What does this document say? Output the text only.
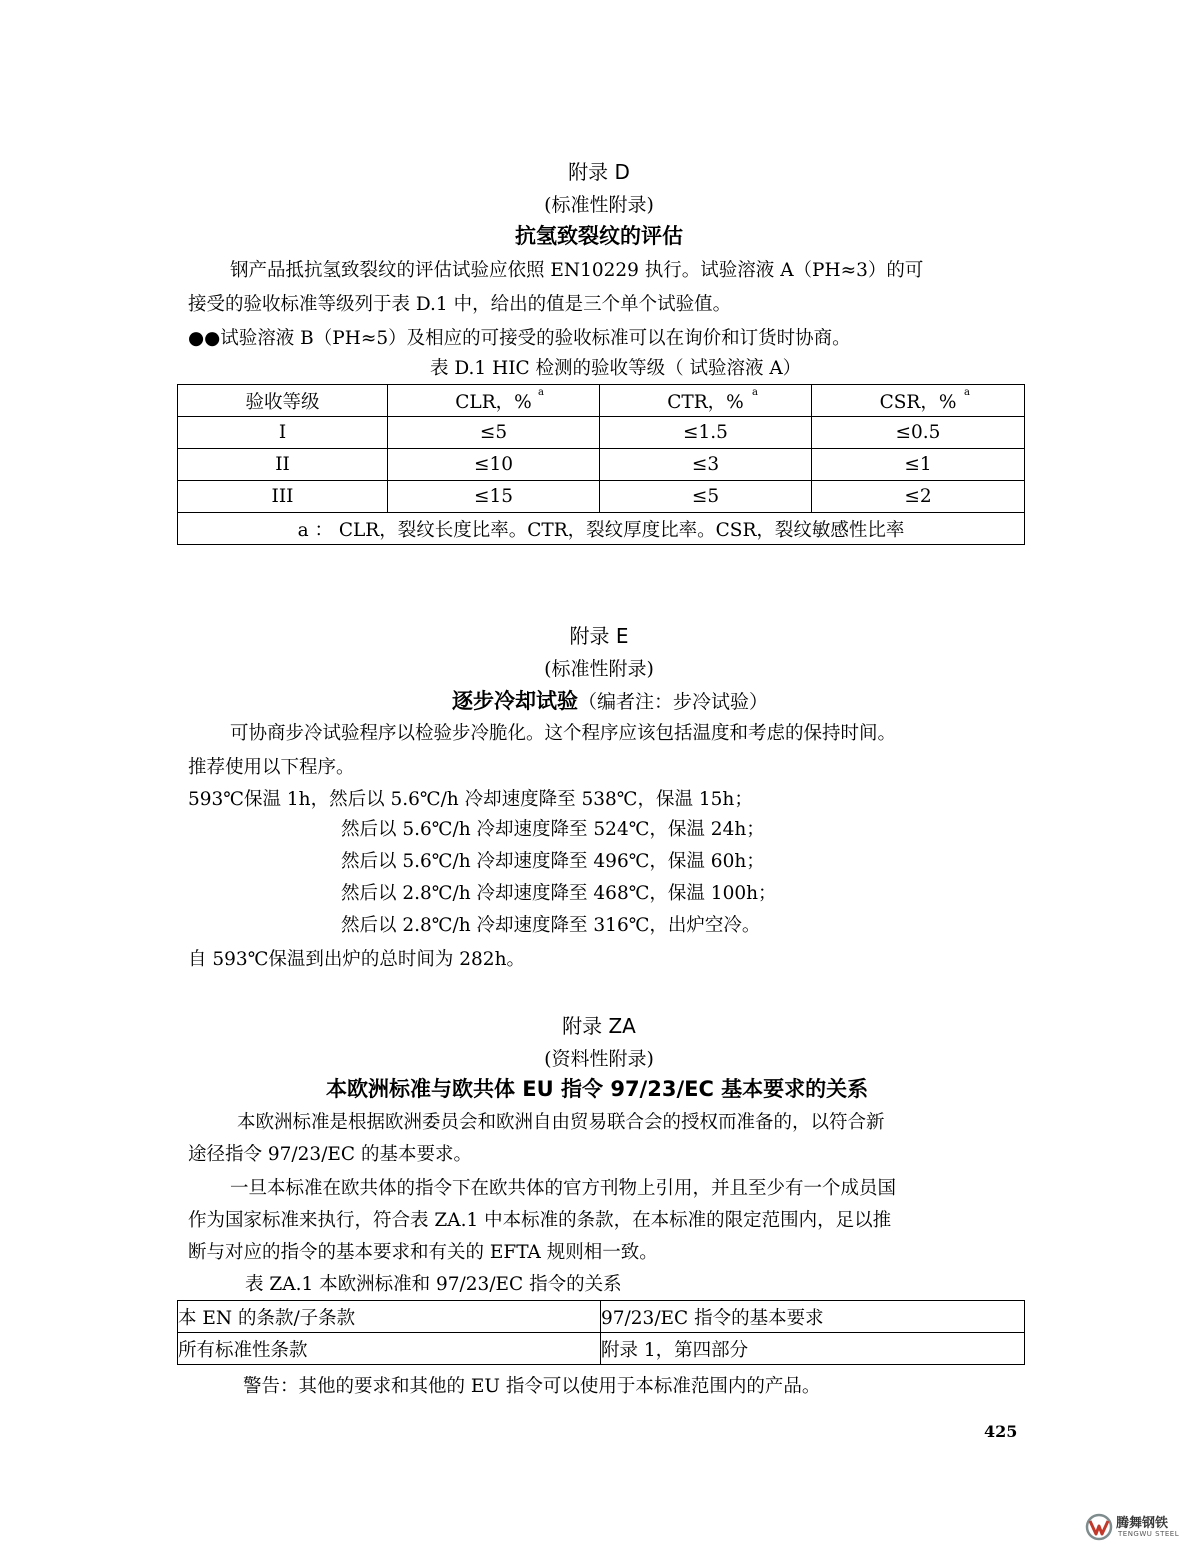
附录 D
(标准性附录)
抗氢致裂纹的评估
钢产品抵抗氢致裂纹的评估试验应依照 EN10229 执行。试验溶液 A（PH≈3）的可
接受的验收标准等级列于表 D.1 中，给出的值是三个单个试验值。
●●试验溶液 B（PH≈5）及相应的可接受的验收标准可以在询价和订货时协商。
表 D.1 HIC 检测的验收等级（ 试验溶液 A）
验收等级	CLR，% a	CTR，% a	CSR，% a

I	≤5	≤1.5	≤0.5
II	≤10	≤3	≤1
III	≤15	≤5	≤2
a ： CLR，裂纹长度比率。CTR，裂纹厚度比率。CSR，裂纹敏感性比率			
附录 E
(标准性附录)
逐步冷却试验（编者注：步冷试验）
可协商步冷试验程序以检验步冷脆化。这个程序应该包括温度和考虑的保持时间。
推荐使用以下程序。
593℃保温 1h，然后以 5.6℃/h 冷却速度降至 538℃，保温 15h；
然后以 5.6℃/h 冷却速度降至 524℃，保温 24h；
然后以 5.6℃/h 冷却速度降至 496℃，保温 60h；
然后以 2.8℃/h 冷却速度降至 468℃，保温 100h；
然后以 2.8℃/h 冷却速度降至 316℃，出炉空冷。
自 593℃保温到出炉的总时间为 282h。
附录 ZA
(资料性附录)
本欧洲标准与欧共体 EU 指令 97/23/EC 基本要求的关系
本欧洲标准是根据欧洲委员会和欧洲自由贸易联合会的授权而准备的，以符合新
途径指令 97/23/EC 的基本要求。
一旦本标准在欧共体的指令下在欧共体的官方刊物上引用，并且至少有一个成员国
作为国家标准来执行，符合表 ZA.1 中本标准的条款，在本标准的限定范围内，足以推
断与对应的指令的基本要求和有关的 EFTA 规则相一致。
表 ZA.1 本欧洲标准和 97/23/EC 指令的关系
本 EN 的条款/子条款	97/23/EC 指令的基本要求
所有标准性条款	附录 1，第四部分
警告：其他的要求和其他的 EU 指令可以使用于本标准范围内的产品。
425
腾舞钢铁
TENGWU STEEL
